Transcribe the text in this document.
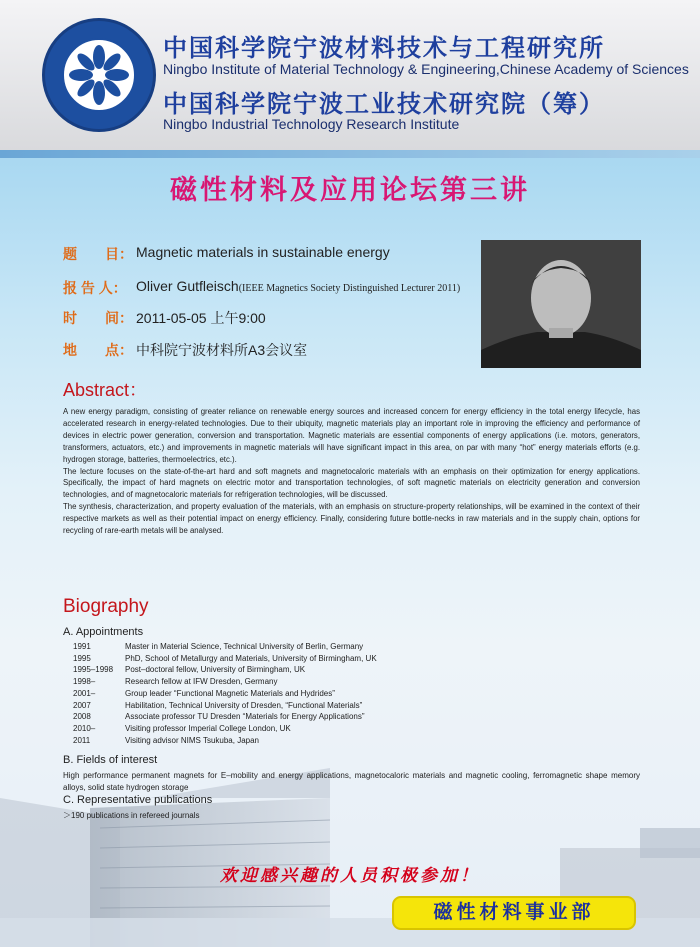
中国科学院宁波材料技术与工程研究所
Ningbo Institute of Material Technology & Engineering,Chinese Academy of Sciences
中国科学院宁波工业技术研究院（筹）
Ningbo Industrial Technology Research Institute
磁性材料及应用论坛第三讲
题　　目： Magnetic materials in sustainable energy
报 告 人： Oliver Gutfleisch(IEEE Magnetics Society Distinguished Lecturer 2011)
时　　间： 2011-05-05 上午9:00
地　　点： 中科院宁波材料所A3会议室
Abstract：

A new energy paradigm, consisting of greater reliance on renewable energy sources and increased concern for energy efficiency in the total energy lifecycle, has accelerated research in energy-related technologies. Due to their ubiquity, magnetic materials play an important role in improving the efficiency and performance of devices in electric power generation, conversion and transportation. Magnetic materials are essential components of energy applications (i.e. motors, generators, transformers, actuators, etc.) and improvements in magnetic materials will have significant impact in this area, on par with many “hot” energy materials efforts (e.g. hydrogen storage, batteries, thermoelectrics, etc.).

The lecture focuses on the state-of-the-art hard and soft magnets and magnetocaloric materials with an emphasis on their optimization for energy applications. Specifically, the impact of hard magnets on electric motor and transportation technologies, of soft magnetic materials on electricity generation and conversion technologies, and of magnetocaloric materials for refrigeration technologies, will be discussed.

The synthesis, characterization, and property evaluation of the materials, with an emphasis on structure-property relationships, will be examined in the context of their respective markets as well as their potential impact on energy efficiency. Finally, considering future bottle-necks in raw materials and in the supply chain, options for recycling of rare-earth metals will be analysed.

Biography
A. Appointments
1991	Master in Material Science, Technical University of Berlin, Germany
1995	PhD, School of Metallurgy and Materials, University of Birmingham, UK
1995–1998	Post–doctoral fellow, University of Birmingham, UK
1998–	Research fellow at IFW Dresden, Germany
2001–	Group leader “Functional Magnetic Materials and Hydrides”
2007	Habilitation, Technical University of Dresden, “Functional Materials”
2008	Associate professor TU Dresden “Materials for Energy Applications”
2010–	Visiting professor Imperial College London, UK
2011	Visiting advisor NIMS Tsukuba, Japan
B. Fields of interest
High performance permanent magnets for E–mobility and energy applications, magnetocaloric materials and magnetic cooling, ferromagnetic shape memory alloys, solid state hydrogen storage
C. Representative publications
＞190 publications in refereed journals
欢迎感兴趣的人员积极参加！
磁性材料事业部
